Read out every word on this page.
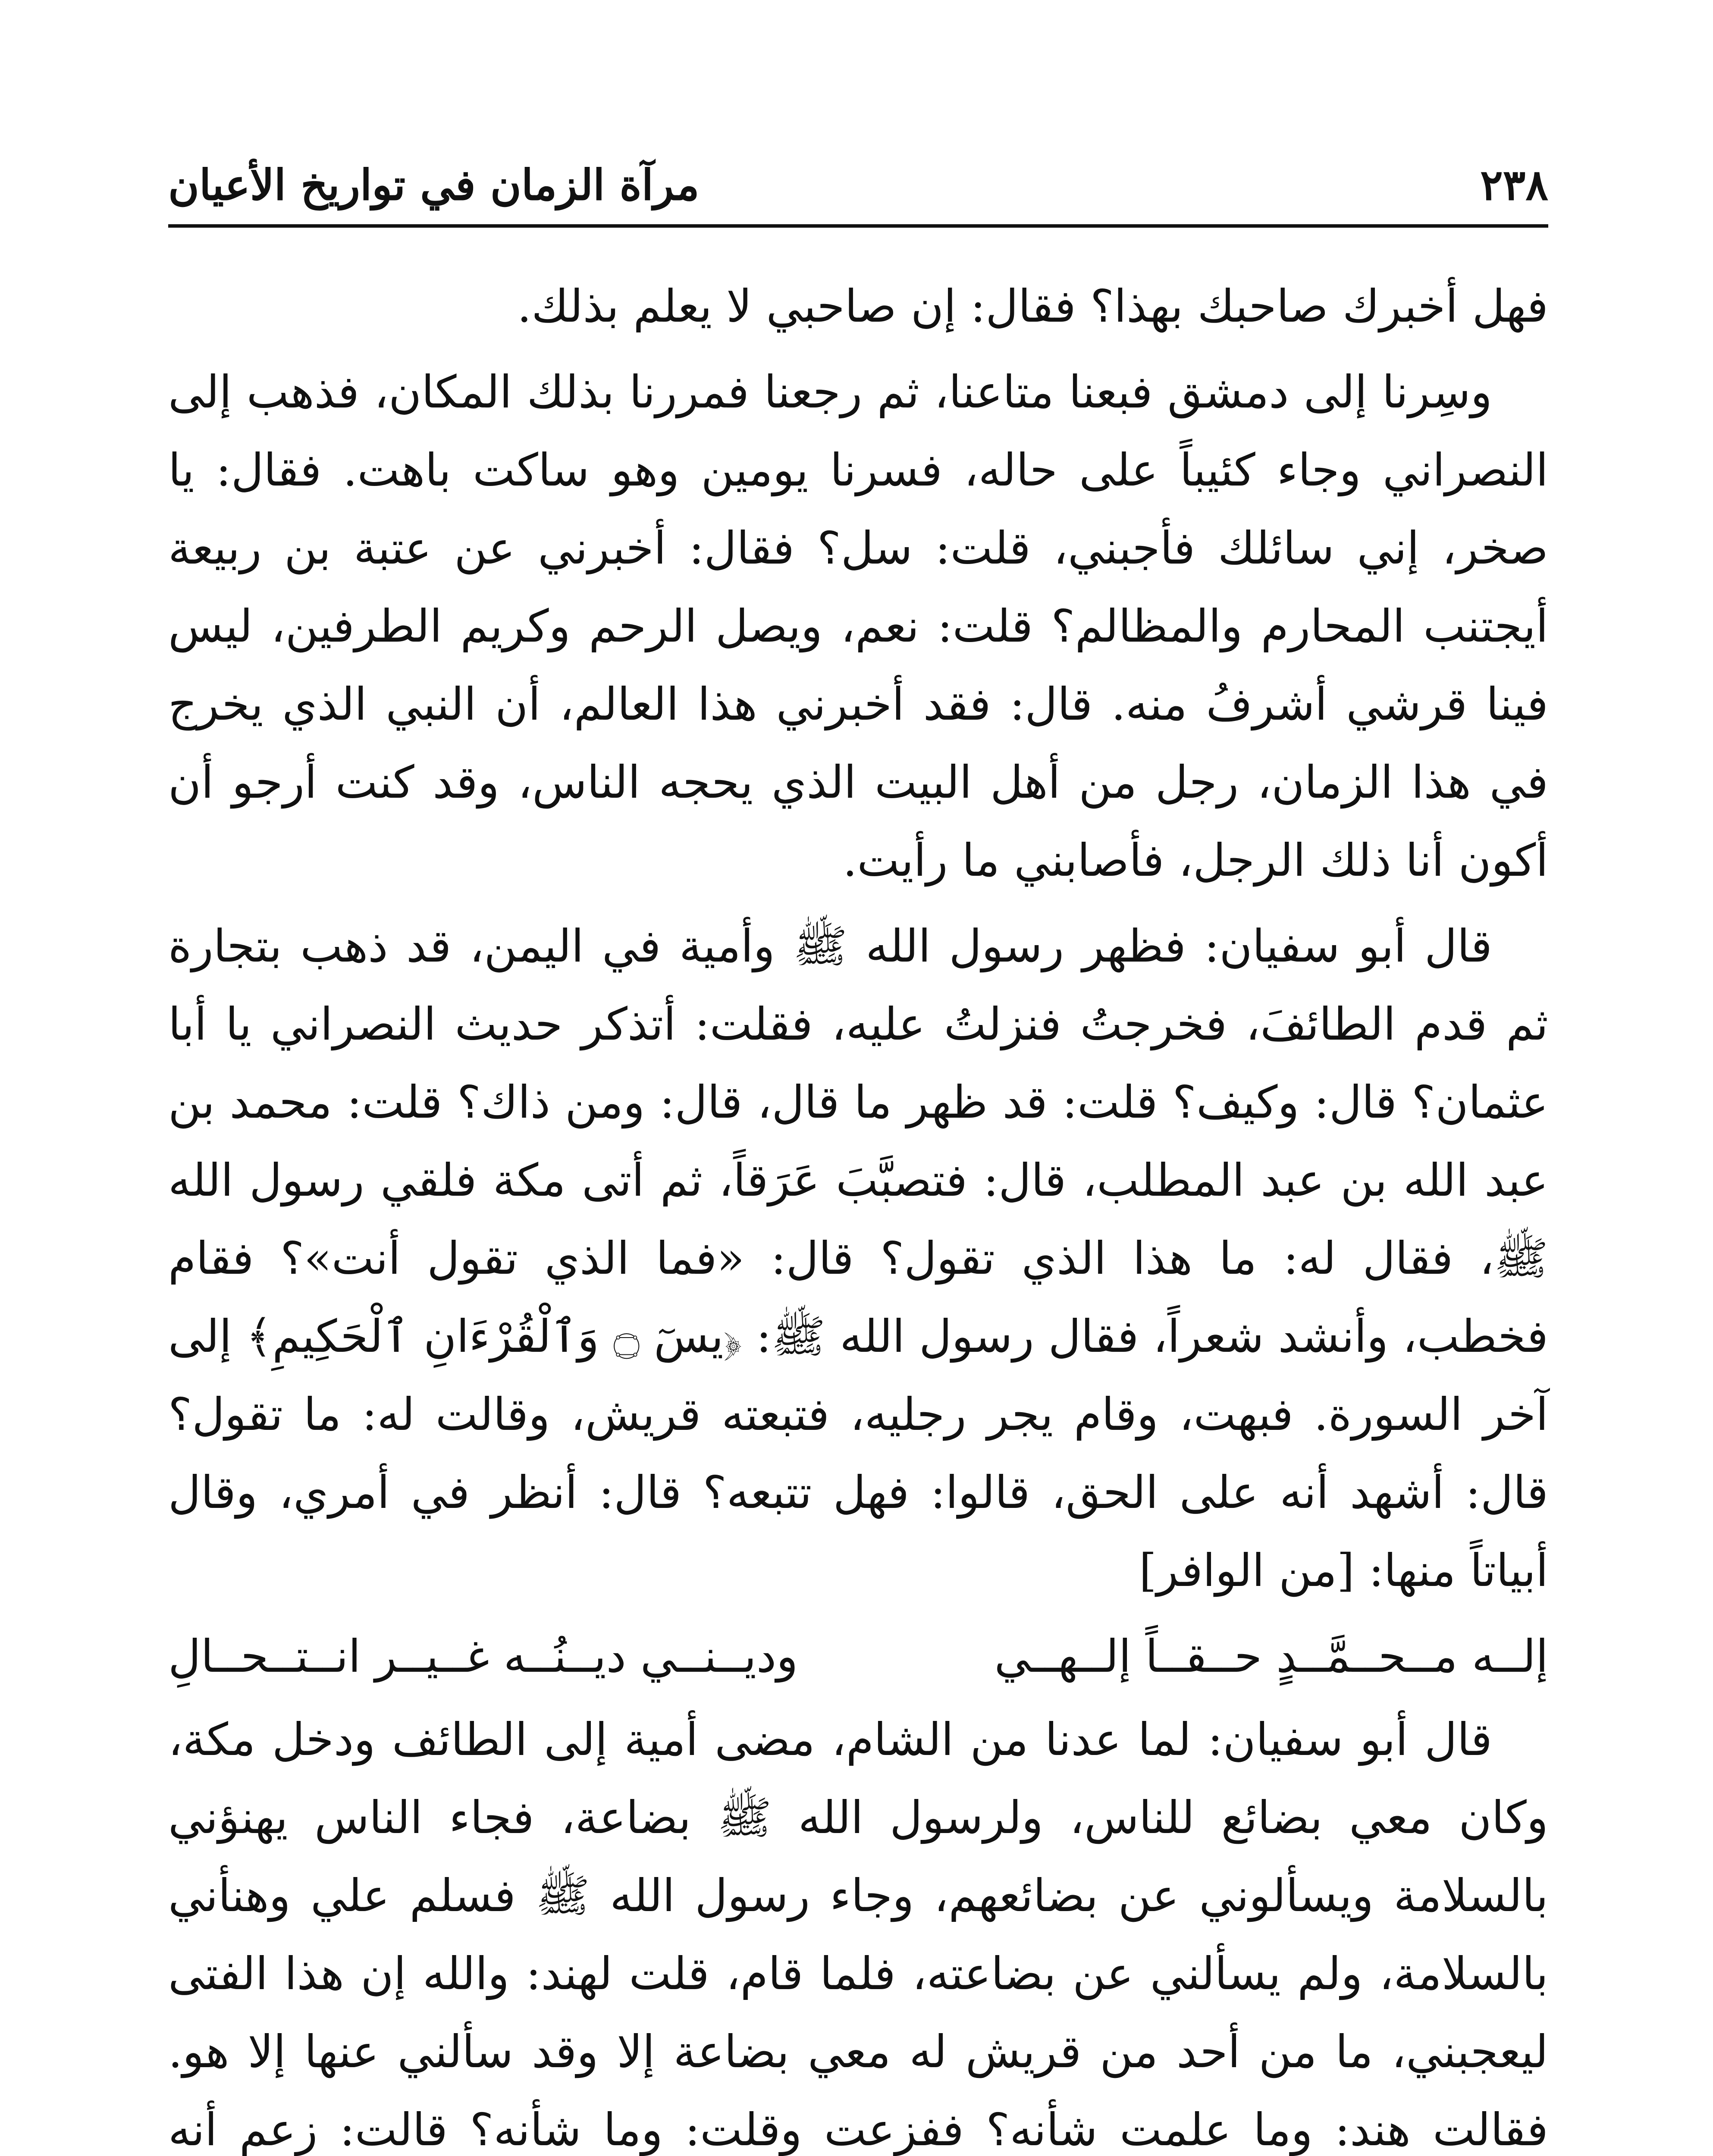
٢٣٨
مرآة الزمان في تواريخ الأعيان

فهل أخبرك صاحبك بهذا؟ فقال: إن صاحبي لا يعلم بذلك.

وسِرنا إلى دمشق فبعنا متاعنا، ثم رجعنا فمررنا بذلك المكان، فذهب إلى النصراني وجاء كئيباً على حاله، فسرنا يومين وهو ساكت باهت. فقال: يا صخر، إني سائلك فأجبني، قلت: سل؟ فقال: أخبرني عن عتبة بن ربيعة أيجتنب المحارم والمظالم؟ قلت: نعم، ويصل الرحم وكريم الطرفين، ليس فينا قرشي أشرفُ منه. قال: فقد أخبرني هذا العالم، أن النبي الذي يخرج في هذا الزمان، رجل من أهل البيت الذي يحجه الناس، وقد كنت أرجو أن أكون أنا ذلك الرجل، فأصابني ما رأيت.

قال أبو سفيان: فظهر رسول الله ﷺ وأمية في اليمن، قد ذهب بتجارة ثم قدم الطائفَ، فخرجتُ فنزلتُ عليه، فقلت: أتذكر حديث النصراني يا أبا عثمان؟ قال: وكيف؟ قلت: قد ظهر ما قال، قال: ومن ذاك؟ قلت: محمد بن عبد الله بن عبد المطلب، قال: فتصبَّبَ عَرَقاً، ثم أتى مكة فلقي رسول الله ﷺ، فقال له: ما هذا الذي تقول؟ قال: «فما الذي تقول أنت»؟ فقام فخطب، وأنشد شعراً، فقال رسول الله ﷺ: ﴿يسٓ ۝ وَٱلْقُرْءَانِ ٱلْحَكِيمِ﴾ إلى آخر السورة. فبهت، وقام يجر رجليه، فتبعته قريش، وقالت له: ما تقول؟ قال: أشهد أنه على الحق، قالوا: فهل تتبعه؟ قال: أنظر في أمري، وقال أبياتاً منها: [من الوافر]

إلــه مــحــمَّــدٍ حــقــاً إلــهــي
وديــنــي ديــنُــه غــيــر انــتــحــالِ

قال أبو سفيان: لما عدنا من الشام، مضى أمية إلى الطائف ودخل مكة، وكان معي بضائع للناس، ولرسول الله ﷺ بضاعة، فجاء الناس يهنؤني بالسلامة ويسألوني عن بضائعهم، وجاء رسول الله ﷺ فسلم علي وهنأني بالسلامة، ولم يسألني عن بضاعته، فلما قام، قلت لهند: والله إن هذا الفتى ليعجبني، ما من أحد من قريش له معي بضاعة إلا وقد سألني عنها إلا هو. فقالت هند: وما علمت شأنه؟ ففزعت وقلت: وما شأنه؟ قالت: زعم أنه
